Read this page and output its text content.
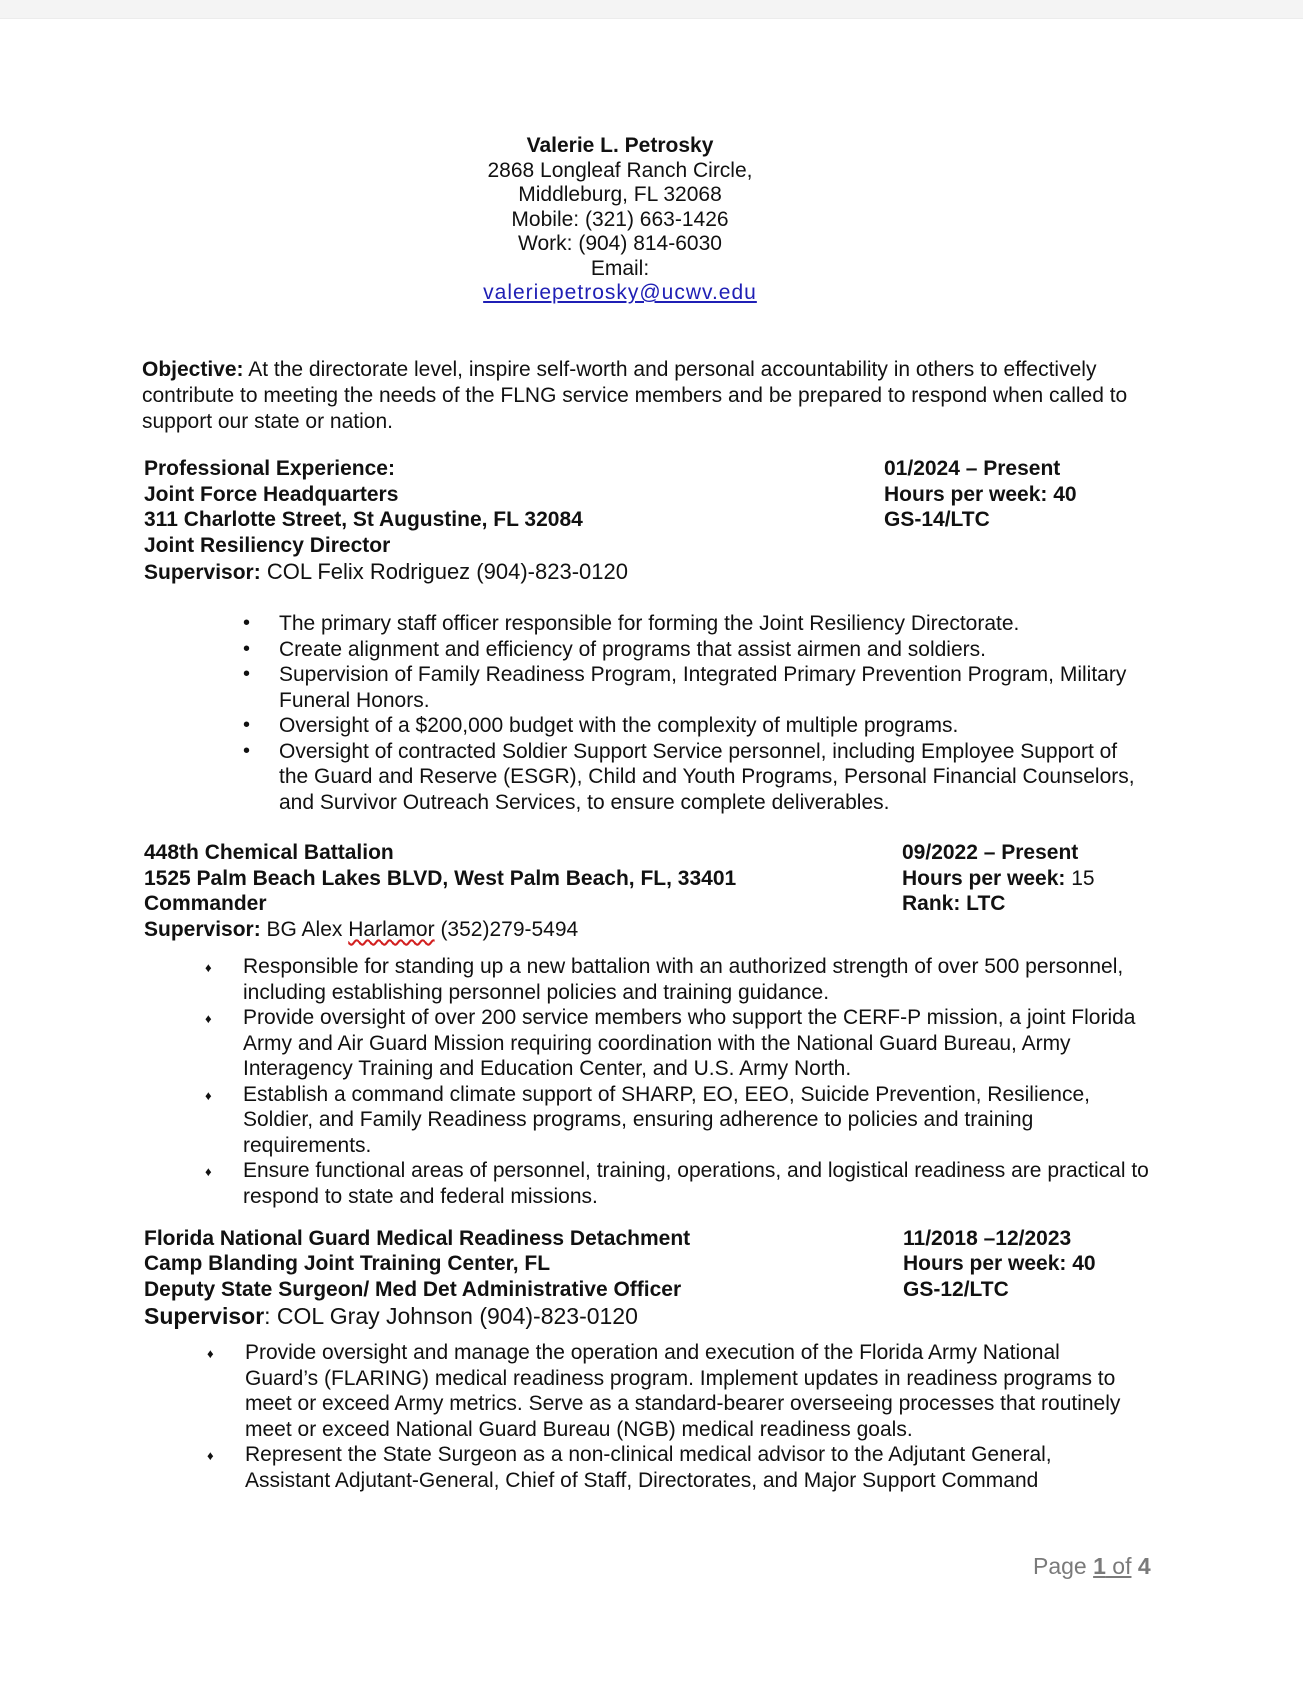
Valerie L. Petrosky
2868 Longleaf Ranch Circle,
Middleburg, FL 32068
Mobile: (321) 663-1426
Work: (904) 814-6030
Email:
valeriepetrosky@ucwv.edu
Objective: At the directorate level, inspire self-worth and personal accountability in others to effectively contribute to meeting the needs of the FLNG service members and be prepared to respond when called to support our state or nation.
Professional Experience:
Joint Force Headquarters
311 Charlotte Street, St Augustine, FL 32084
Joint Resiliency Director
Supervisor: COL Felix Rodriguez (904)-823-0120
01/2024 – Present
Hours per week: 40
GS-14/LTC
• The primary staff officer responsible for forming the Joint Resiliency Directorate.
• Create alignment and efficiency of programs that assist airmen and soldiers.
• Supervision of Family Readiness Program, Integrated Primary Prevention Program, Military Funeral Honors.
• Oversight of a $200,000 budget with the complexity of multiple programs.
• Oversight of contracted Soldier Support Service personnel, including Employee Support of the Guard and Reserve (ESGR), Child and Youth Programs, Personal Financial Counselors, and Survivor Outreach Services, to ensure complete deliverables.
448th Chemical Battalion
1525 Palm Beach Lakes BLVD, West Palm Beach, FL, 33401
Commander
Supervisor: BG Alex Harlamor (352)279-5494
09/2022 – Present
Hours per week: 15
Rank: LTC
♦ Responsible for standing up a new battalion with an authorized strength of over 500 personnel, including establishing personnel policies and training guidance.
♦ Provide oversight of over 200 service members who support the CERF-P mission, a joint Florida Army and Air Guard Mission requiring coordination with the National Guard Bureau, Army Interagency Training and Education Center, and U.S. Army North.
♦ Establish a command climate support of SHARP, EO, EEO, Suicide Prevention, Resilience, Soldier, and Family Readiness programs, ensuring adherence to policies and training requirements.
♦ Ensure functional areas of personnel, training, operations, and logistical readiness are practical to respond to state and federal missions.
Florida National Guard Medical Readiness Detachment
Camp Blanding Joint Training Center, FL
Deputy State Surgeon/ Med Det Administrative Officer
Supervisor: COL Gray Johnson (904)-823-0120
11/2018 –12/2023
Hours per week: 40
GS-12/LTC
♦ Provide oversight and manage the operation and execution of the Florida Army National Guard’s (FLARING) medical readiness program. Implement updates in readiness programs to meet or exceed Army metrics. Serve as a standard-bearer overseeing processes that routinely meet or exceed National Guard Bureau (NGB) medical readiness goals.
♦ Represent the State Surgeon as a non-clinical medical advisor to the Adjutant General, Assistant Adjutant-General, Chief of Staff, Directorates, and Major Support Command
Page 1 of 4
